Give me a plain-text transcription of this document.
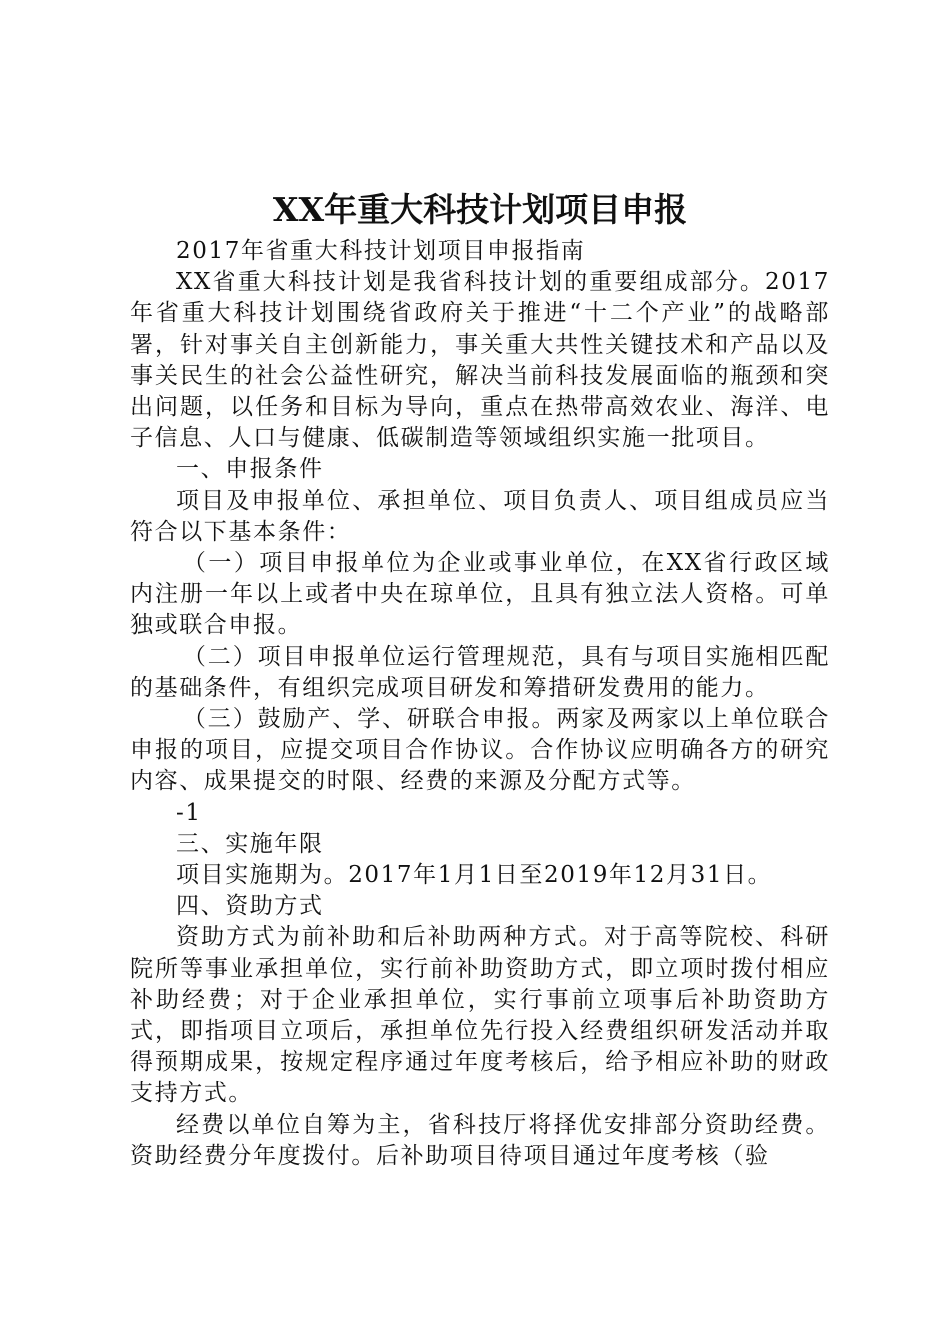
XX年重大科技计划项目申报

2017年省重大科技计划项目申报指南

XX省重大科技计划是我省科技计划的重要组成部分。2017年省重大科技计划围绕省政府关于推进“十二个产业”的战略部署，针对事关自主创新能力，事关重大共性关键技术和产品以及事关民生的社会公益性研究，解决当前科技发展面临的瓶颈和突出问题，以任务和目标为导向，重点在热带高效农业、海洋、电子信息、人口与健康、低碳制造等领域组织实施一批项目。

一、申报条件

项目及申报单位、承担单位、项目负责人、项目组成员应当符合以下基本条件：

（一）项目申报单位为企业或事业单位，在XX省行政区域内注册一年以上或者中央在琼单位，且具有独立法人资格。可单独或联合申报。

（二）项目申报单位运行管理规范，具有与项目实施相匹配的基础条件，有组织完成项目研发和筹措研发费用的能力。

（三）鼓励产、学、研联合申报。两家及两家以上单位联合申报的项目，应提交项目合作协议。合作协议应明确各方的研究内容、成果提交的时限、经费的来源及分配方式等。

-1

三、实施年限

项目实施期为。2017年1月1日至2019年12月31日。

四、资助方式

资助方式为前补助和后补助两种方式。对于高等院校、科研院所等事业承担单位，实行前补助资助方式，即立项时拨付相应补助经费；对于企业承担单位，实行事前立项事后补助资助方式，即指项目立项后，承担单位先行投入经费组织研发活动并取得预期成果，按规定程序通过年度考核后，给予相应补助的财政支持方式。

经费以单位自筹为主，省科技厅将择优安排部分资助经费。资助经费分年度拨付。后补助项目待项目通过年度考核（验
